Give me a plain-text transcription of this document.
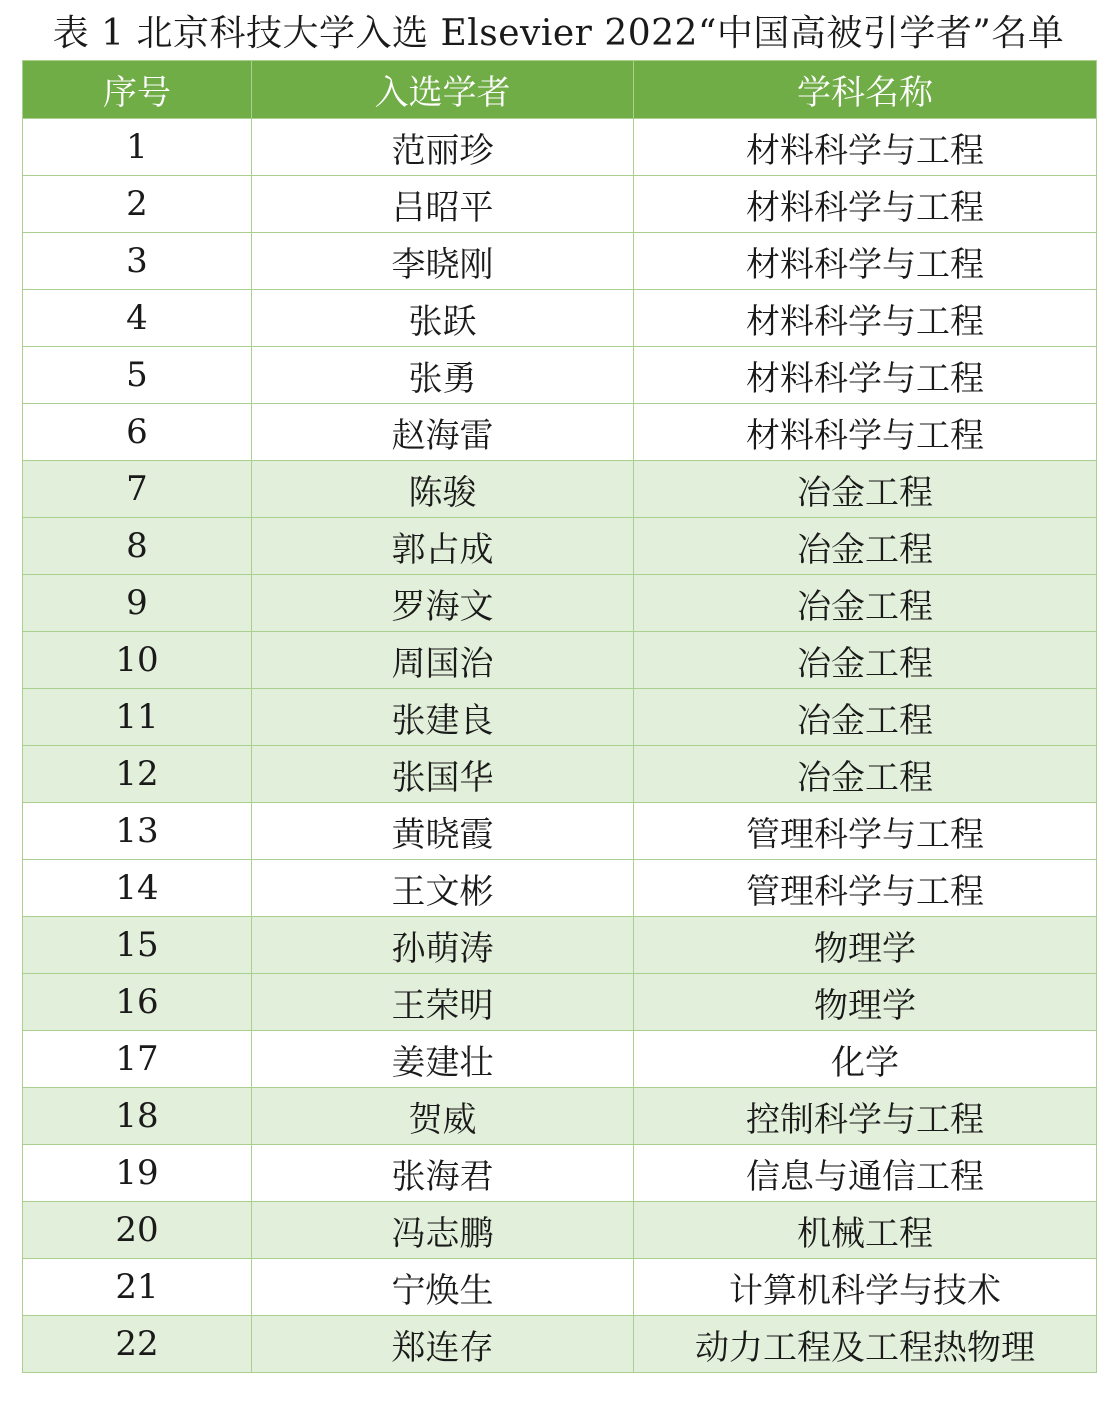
表 1 北京科技大学入选 Elsevier 2022“中国高被引学者”名单
序号	入选学者	学科名称
1	范丽珍	材料科学与工程
2	吕昭平	材料科学与工程
3	李晓刚	材料科学与工程
4	张跃	材料科学与工程
5	张勇	材料科学与工程
6	赵海雷	材料科学与工程
7	陈骏	冶金工程
8	郭占成	冶金工程
9	罗海文	冶金工程
10	周国治	冶金工程
11	张建良	冶金工程
12	张国华	冶金工程
13	黄晓霞	管理科学与工程
14	王文彬	管理科学与工程
15	孙萌涛	物理学
16	王荣明	物理学
17	姜建壮	化学
18	贺威	控制科学与工程
19	张海君	信息与通信工程
20	冯志鹏	机械工程
21	宁焕生	计算机科学与技术
22	郑连存	动力工程及工程热物理
